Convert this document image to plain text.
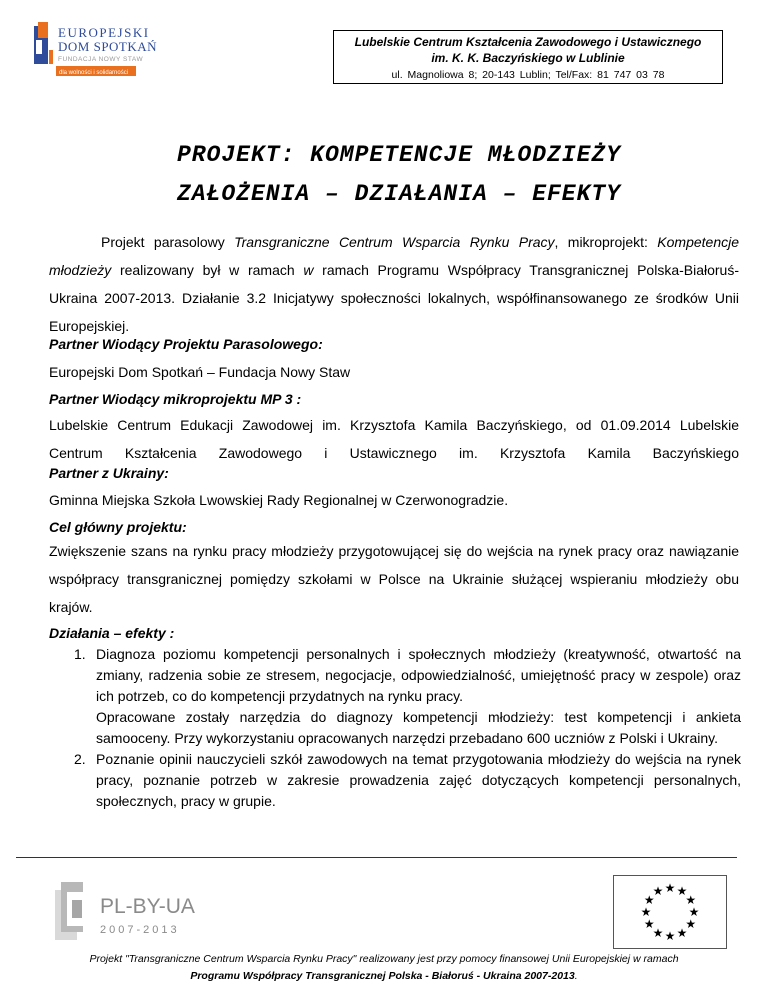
EUROPEJSKI
DOM SPOTKAŃ
FUNDACJA NOWY STAW
dla wolności i solidarności
Lubelskie Centrum Kształcenia Zawodowego i Ustawicznego
im. K. K. Baczyńskiego w Lublinie
ul. Magnoliowa 8; 20-143 Lublin; Tel/Fax: 81 747 03 78
PROJEKT: KOMPETENCJE MŁODZIEŻY
ZAŁOŻENIA – DZIAŁANIA – EFEKTY
Projekt parasolowy Transgraniczne Centrum Wsparcia Rynku Pracy, mikroprojekt: Kompetencje młodzieży realizowany był w ramach w ramach Programu Współpracy Transgranicznej Polska-Białoruś-Ukraina 2007-2013. Działanie 3.2 Inicjatywy społeczności lokalnych, współfinansowanego ze środków Unii Europejskiej.
Partner Wiodący Projektu Parasolowego:
Europejski Dom Spotkań – Fundacja Nowy Staw
Partner Wiodący mikroprojektu MP 3 :
Lubelskie Centrum Edukacji Zawodowej im. Krzysztofa Kamila Baczyńskiego, od 01.09.2014 Lubelskie Centrum Kształcenia Zawodowego i Ustawicznego im. Krzysztofa Kamila Baczyńskiego
Partner z Ukrainy:
Gminna Miejska Szkoła Lwowskiej Rady Regionalnej w Czerwonogradzie.
Cel główny projektu:
Zwiększenie szans na rynku pracy młodzieży przygotowującej się do wejścia na rynek pracy oraz nawiązanie współpracy transgranicznej pomiędzy szkołami w Polsce na Ukrainie służącej wspieraniu młodzieży obu krajów.
Działania – efekty :
1. Diagnoza poziomu kompetencji personalnych i społecznych młodzieży (kreatywność, otwartość na zmiany, radzenia sobie ze stresem, negocjacje, odpowiedzialność, umiejętność pracy w zespole) oraz ich potrzeb, co do kompetencji przydatnych na rynku pracy.
Opracowane zostały narzędzia do diagnozy kompetencji młodzieży: test kompetencji i ankieta samooceny. Przy wykorzystaniu opracowanych narzędzi przebadano 600 uczniów z Polski i Ukrainy.
2. Poznanie opinii nauczycieli szkół zawodowych na temat przygotowania młodzieży do wejścia na rynek pracy, poznanie potrzeb w zakresie prowadzenia zajęć dotyczących kompetencji personalnych, społecznych, pracy w grupie.
PL-BY-UA
2007-2013
★ ★
★
★
★
★
★
★
★
★
★
★
Projekt "Transgraniczne Centrum Wsparcia Rynku Pracy" realizowany jest przy pomocy finansowej Unii Europejskiej w ramach
Programu Współpracy Transgranicznej Polska - Białoruś - Ukraina 2007-2013.
